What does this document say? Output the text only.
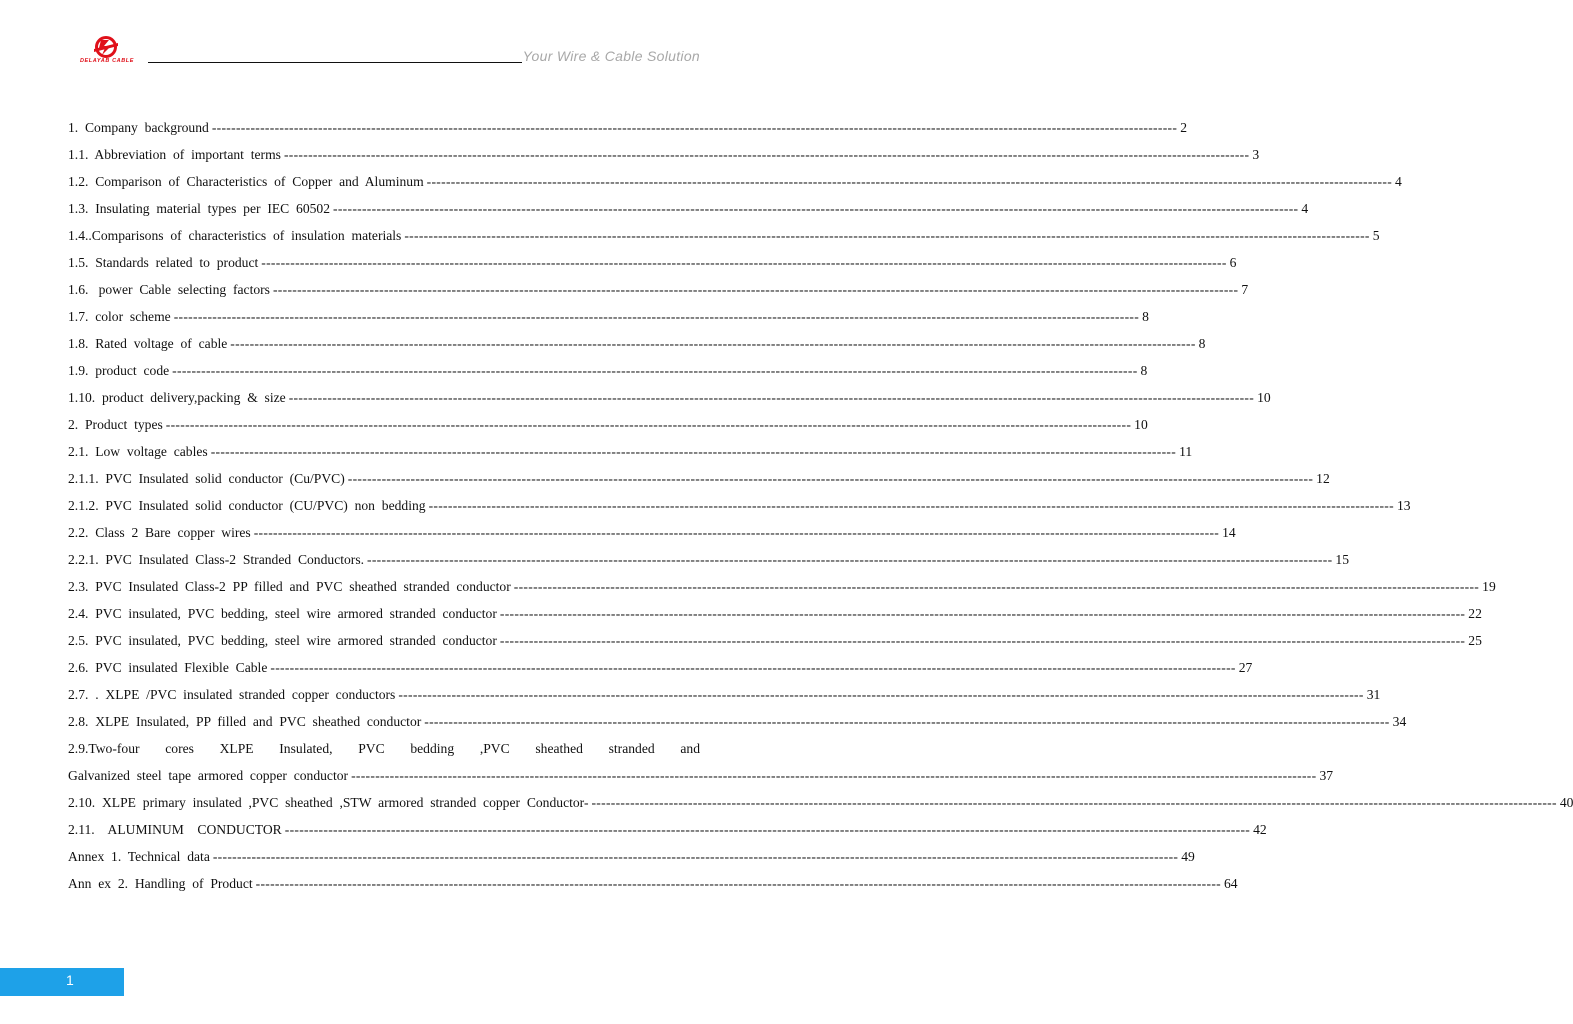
DELAYAB CABLE	Your Wire & Cable Solution
1.  Company  background -------------------------------------------------------------------------------------------------------------------------------------------------------------------------------------------------------- 2
1.1.  Abbreviation  of  important  terms -------------------------------------------------------------------------------------------------------------------------------------------------------------------------------------------------------- 3
1.2.  Comparison  of  Characteristics  of  Copper  and  Aluminum -------------------------------------------------------------------------------------------------------------------------------------------------------------------------------------------------------- 4
1.3.  Insulating  material  types  per  IEC  60502 -------------------------------------------------------------------------------------------------------------------------------------------------------------------------------------------------------- 4
1.4..Comparisons  of  characteristics  of  insulation  materials -------------------------------------------------------------------------------------------------------------------------------------------------------------------------------------------------------- 5
1.5.  Standards  related  to  product -------------------------------------------------------------------------------------------------------------------------------------------------------------------------------------------------------- 6
1.6.   power  Cable  selecting  factors -------------------------------------------------------------------------------------------------------------------------------------------------------------------------------------------------------- 7
1.7.  color  scheme -------------------------------------------------------------------------------------------------------------------------------------------------------------------------------------------------------- 8
1.8.  Rated  voltage  of  cable -------------------------------------------------------------------------------------------------------------------------------------------------------------------------------------------------------- 8
1.9.  product  code -------------------------------------------------------------------------------------------------------------------------------------------------------------------------------------------------------- 8
1.10.  product  delivery,packing  &  size -------------------------------------------------------------------------------------------------------------------------------------------------------------------------------------------------------- 10
2.  Product  types -------------------------------------------------------------------------------------------------------------------------------------------------------------------------------------------------------- 10
2.1.  Low  voltage  cables -------------------------------------------------------------------------------------------------------------------------------------------------------------------------------------------------------- 11
2.1.1.  PVC  Insulated  solid  conductor  (Cu/PVC) -------------------------------------------------------------------------------------------------------------------------------------------------------------------------------------------------------- 12
2.1.2.  PVC  Insulated  solid  conductor  (CU/PVC)  non  bedding -------------------------------------------------------------------------------------------------------------------------------------------------------------------------------------------------------- 13
2.2.  Class  2  Bare  copper  wires -------------------------------------------------------------------------------------------------------------------------------------------------------------------------------------------------------- 14
2.2.1.  PVC  Insulated  Class-2  Stranded  Conductors. -------------------------------------------------------------------------------------------------------------------------------------------------------------------------------------------------------- 15
2.3.  PVC  Insulated  Class-2  PP  filled  and  PVC  sheathed  stranded  conductor -------------------------------------------------------------------------------------------------------------------------------------------------------------------------------------------------------- 19
2.4.  PVC  insulated,  PVC  bedding,  steel  wire  armored  stranded  conductor -------------------------------------------------------------------------------------------------------------------------------------------------------------------------------------------------------- 22
2.5.  PVC  insulated,  PVC  bedding,  steel  wire  armored  stranded  conductor -------------------------------------------------------------------------------------------------------------------------------------------------------------------------------------------------------- 25
2.6.  PVC  insulated  Flexible  Cable -------------------------------------------------------------------------------------------------------------------------------------------------------------------------------------------------------- 27
2.7.  .  XLPE  /PVC  insulated  stranded  copper  conductors -------------------------------------------------------------------------------------------------------------------------------------------------------------------------------------------------------- 31
2.8.  XLPE  Insulated,  PP  filled  and  PVC  sheathed  conductor -------------------------------------------------------------------------------------------------------------------------------------------------------------------------------------------------------- 34
2.9.Two-four cores XLPE Insulated, PVC bedding ,PVC sheathed stranded and
Galvanized  steel  tape  armored  copper  conductor -------------------------------------------------------------------------------------------------------------------------------------------------------------------------------------------------------- 37
2.10.  XLPE  primary  insulated  ,PVC  sheathed  ,STW  armored  stranded  copper  Conductor- -------------------------------------------------------------------------------------------------------------------------------------------------------------------------------------------------------- 40
2.11.    ALUMINUM    CONDUCTOR -------------------------------------------------------------------------------------------------------------------------------------------------------------------------------------------------------- 42
Annex  1.  Technical  data -------------------------------------------------------------------------------------------------------------------------------------------------------------------------------------------------------- 49
Ann  ex  2.  Handling  of  Product -------------------------------------------------------------------------------------------------------------------------------------------------------------------------------------------------------- 64
1
